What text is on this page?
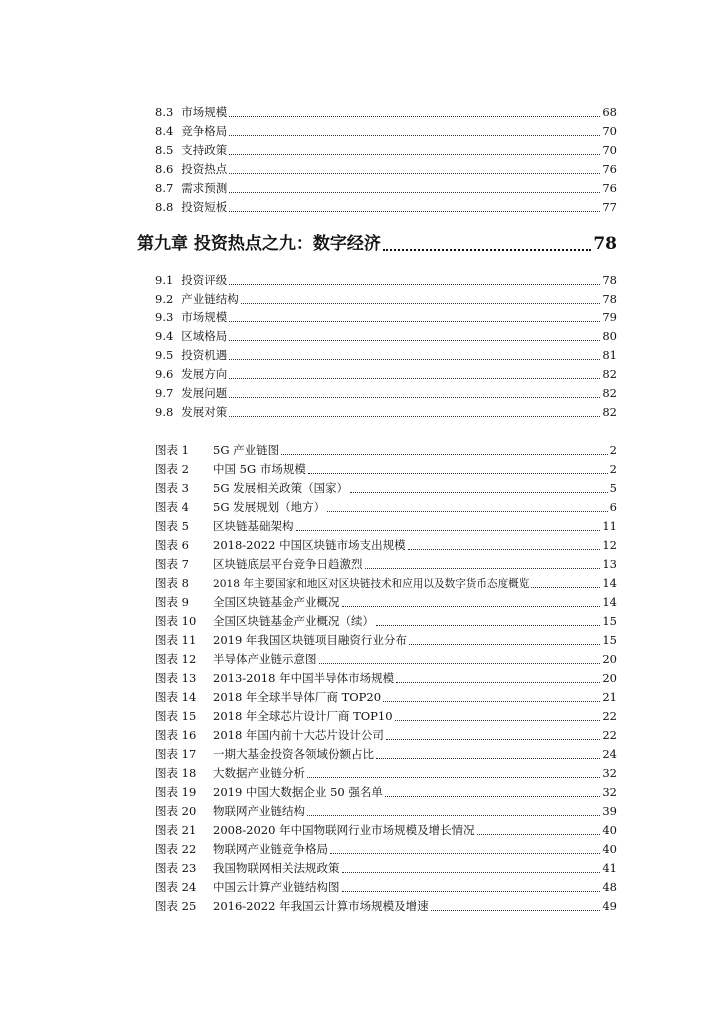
8.3 市场规模	68
8.4 竞争格局	70
8.5 支持政策	70
8.6 投资热点	76
8.7 需求预测	76
8.8 投资短板	77
第九章 投资热点之九：数字经济	78
9.1 投资评级	78
9.2 产业链结构	78
9.3 市场规模	79
9.4 区域格局	80
9.5 投资机遇	81
9.6 发展方向	82
9.7 发展问题	82
9.8 发展对策	82
图表 1	5G 产业链图	2
图表 2	中国 5G 市场规模	2
图表 3	5G 发展相关政策（国家）	5
图表 4	5G 发展规划（地方）	6
图表 5	区块链基础架构	11
图表 6	2018-2022 中国区块链市场支出规模	12
图表 7	区块链底层平台竞争日趋激烈	13
图表 8	2018 年主要国家和地区对区块链技术和应用以及数字货币态度概览	14
图表 9	全国区块链基金产业概况	14
图表 10	全国区块链基金产业概况（续）	15
图表 11	2019 年我国区块链项目融资行业分布	15
图表 12	半导体产业链示意图	20
图表 13	2013-2018 年中国半导体市场规模	20
图表 14	2018 年全球半导体厂商 TOP20	21
图表 15	2018 年全球芯片设计厂商 TOP10	22
图表 16	2018 年国内前十大芯片设计公司	22
图表 17	一期大基金投资各领域份额占比	24
图表 18	大数据产业链分析	32
图表 19	2019 中国大数据企业 50 强名单	32
图表 20	物联网产业链结构	39
图表 21	2008-2020 年中国物联网行业市场规模及增长情况	40
图表 22	物联网产业链竞争格局	40
图表 23	我国物联网相关法规政策	41
图表 24	中国云计算产业链结构图	48
图表 25	2016-2022 年我国云计算市场规模及增速	49
